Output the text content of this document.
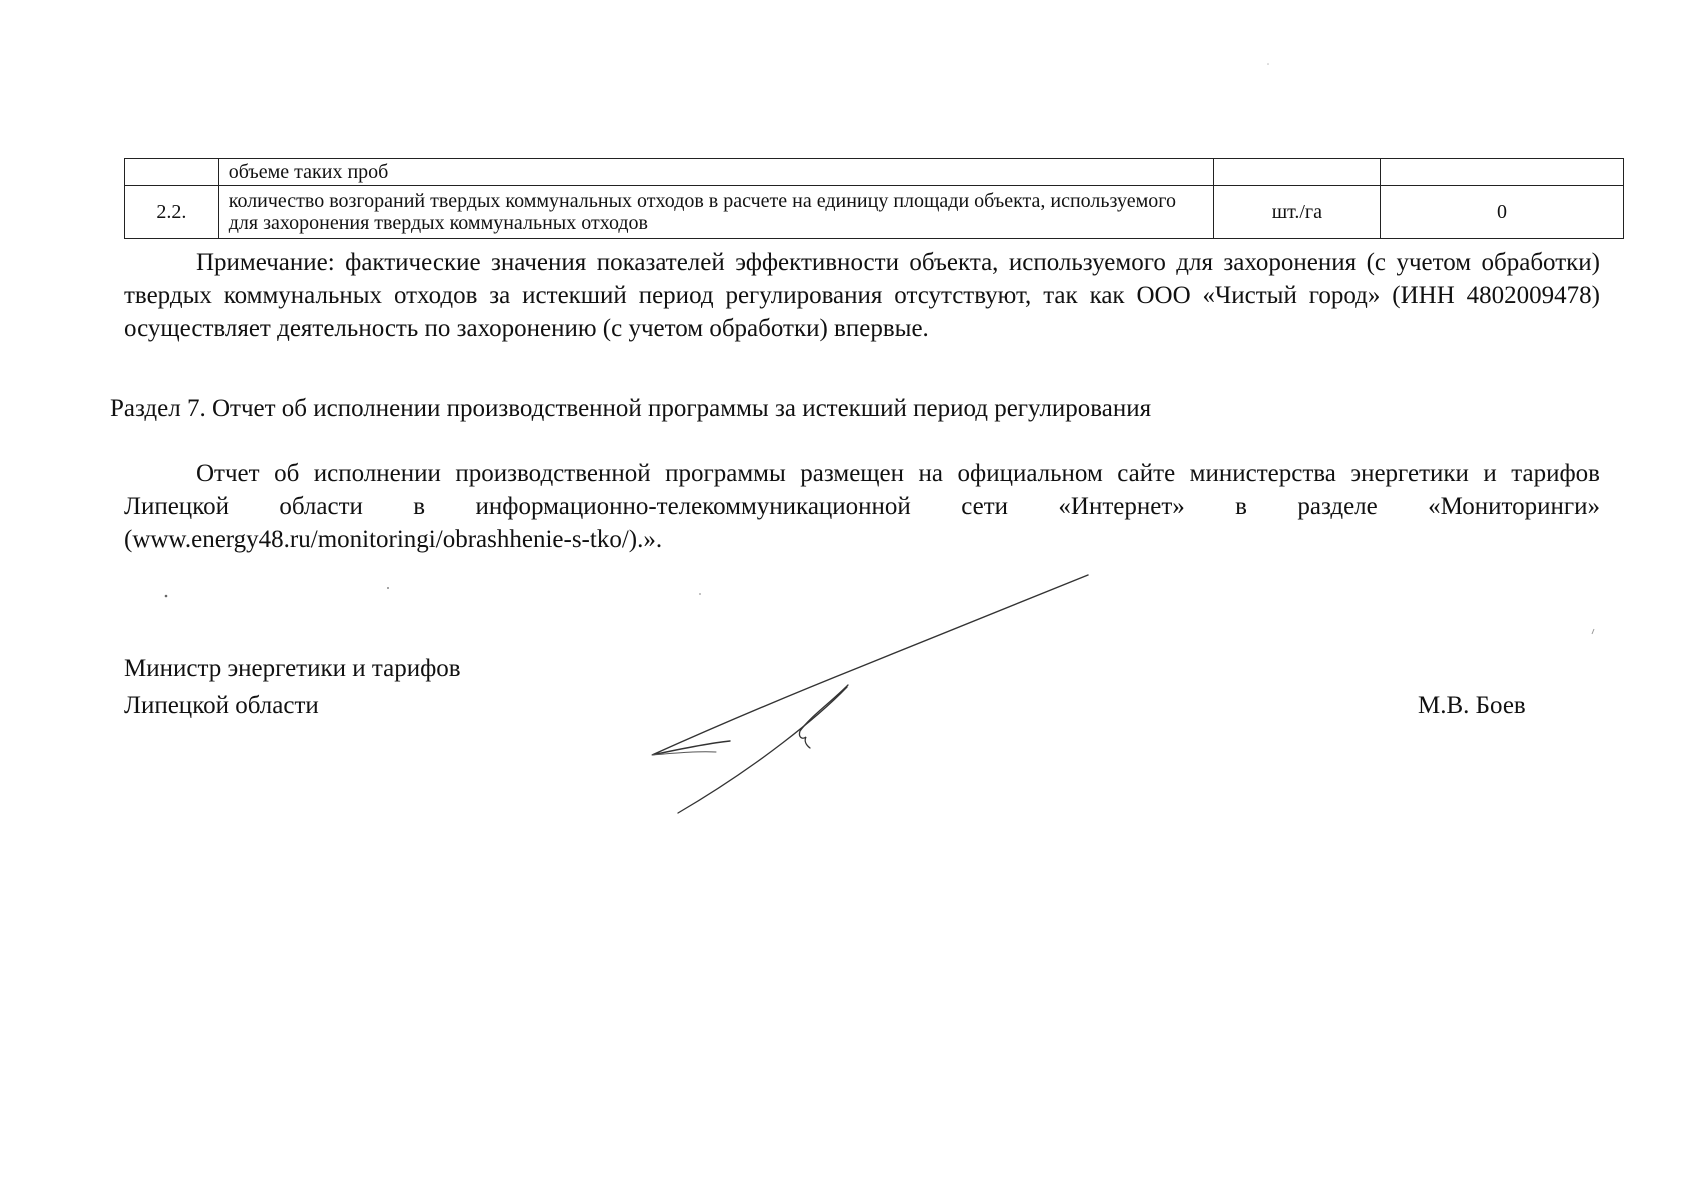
	объеме таких проб		
2.2.	количество возгораний твердых коммунальных отходов в расчете на единицу площади объекта, используемого для захоронения твердых коммунальных отходов	шт./га	0

Примечание: фактические значения показателей эффективности объекта, используемого для захоронения (с учетом обработки) твердых коммунальных отходов за истекший период регулирования отсутствуют, так как ООО «Чистый город» (ИНН 4802009478) осуществляет деятельность по захоронению (с учетом обработки) впервые.

Раздел 7. Отчет об исполнении производственной программы за истекший период регулирования

Отчет об исполнении производственной программы размещен на официальном сайте министерства энергетики и тарифов Липецкой области в информационно-телекоммуникационной сети «Интернет» в разделе «Мониторинги» (www.energy48.ru/monitoringi/obrashhenie-s-tko/).».

Министр энергетики и тарифов
Липецкой области	М.В. Боев
